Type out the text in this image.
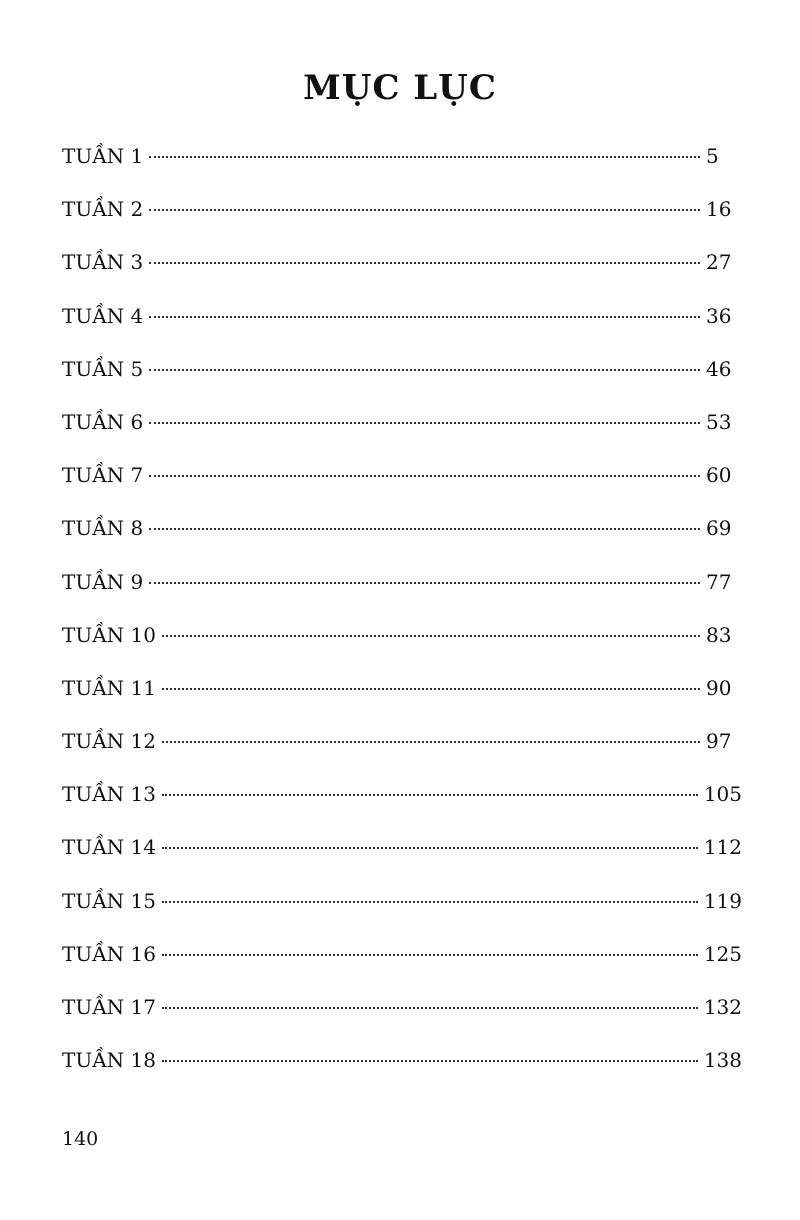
MỤC LỤC
TUẦN 1	5
TUẦN 2	16
TUẦN 3	27
TUẦN 4	36
TUẦN 5	46
TUẦN 6	53
TUẦN 7	60
TUẦN 8	69
TUẦN 9	77
TUẦN 10	83
TUẦN 11	90
TUẦN 12	97
TUẦN 13	105
TUẦN 14	112
TUẦN 15	119
TUẦN 16	125
TUẦN 17	132
TUẦN 18	138
140
